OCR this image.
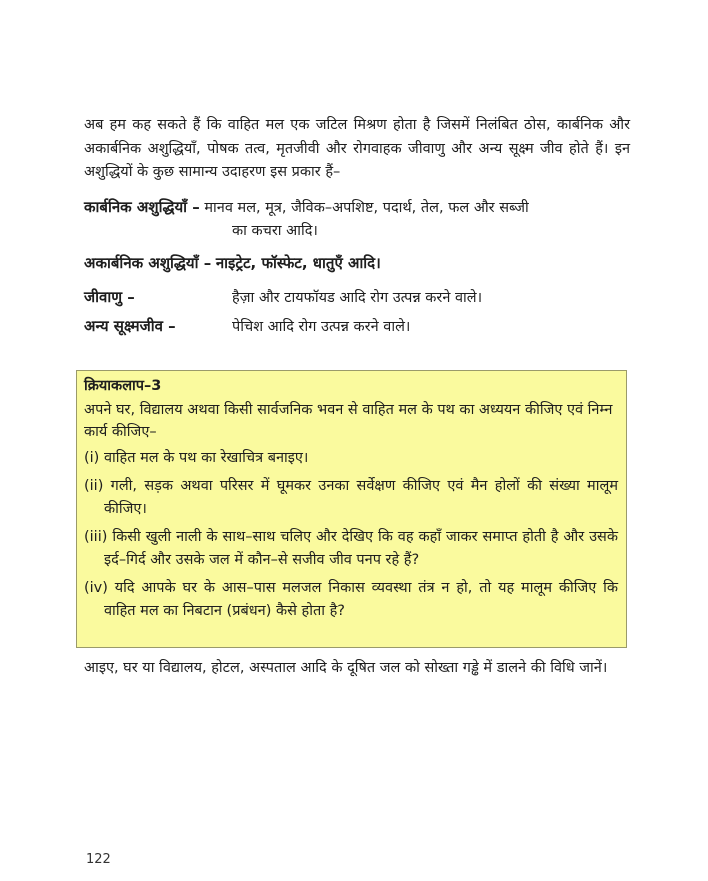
अब हम कह सकते हैं कि वाहित मल एक जटिल मिश्रण होता है जिसमें निलंबित ठोस, कार्बनिक और अकार्बनिक अशुद्धियाँ, पोषक तत्व, मृतजीवी और रोगवाहक जीवाणु और अन्य सूक्ष्म जीव होते हैं। इन अशुद्धियों के कुछ सामान्य उदाहरण इस प्रकार हैं–

कार्बनिक अशुद्धियाँ – मानव मल, मूत्र, जैविक–अपशिष्ट, पदार्थ, तेल, फल और सब्जी
का कचरा आदि।

अकार्बनिक अशुद्धियाँ – नाइट्रेट, फॉस्फेट, धातुएँ आदि।

जीवाणु –	हैज़ा और टायफॉयड आदि रोग उत्पन्न करने वाले।

अन्य सूक्ष्मजीव –	पेचिश आदि रोग उत्पन्न करने वाले।

क्रियाकलाप–3

अपने घर, विद्यालय अथवा किसी सार्वजनिक भवन से वाहित मल के पथ का अध्ययन कीजिए एवं निम्न कार्य कीजिए–

(i) वाहित मल के पथ का रेखाचित्र बनाइए।

(ii) गली, सड़क अथवा परिसर में घूमकर उनका सर्वेक्षण कीजिए एवं मैन होलों की संख्या मालूम कीजिए।

(iii) किसी खुली नाली के साथ–साथ चलिए और देखिए कि वह कहाँ जाकर समाप्त होती है और उसके इर्द–गिर्द और उसके जल में कौन–से सजीव जीव पनप रहे हैं?

(iv) यदि आपके घर के आस–पास मलजल निकास व्यवस्था तंत्र न हो, तो यह मालूम कीजिए कि वाहित मल का निबटान (प्रबंधन) कैसे होता है?

आइए, घर या विद्यालय, होटल, अस्पताल आदि के दूषित जल को सोख्ता गड्ढे में डालने की विधि जानें।

122
